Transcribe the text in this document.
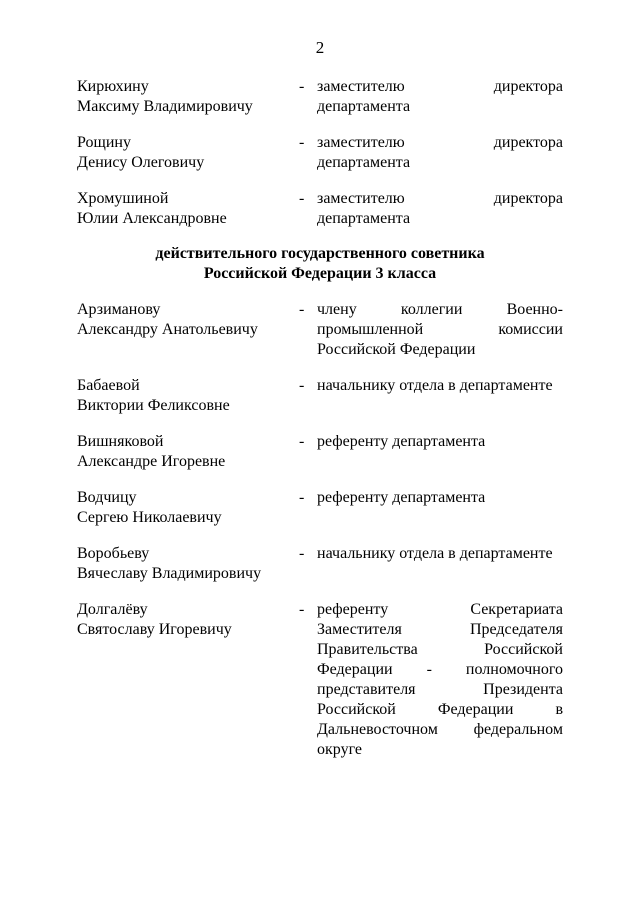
2
Кирюхину
Максиму Владимировичу
- заместителю директора
департамента
Рощину
Денису Олеговичу
- заместителю директора
департамента
Хромушиной
Юлии Александровне
- заместителю директора
департамента
действительного государственного советника
Российской Федерации 3 класса
Арзиманову
Александру Анатольевичу
- члену коллегии Военно-
промышленной комиссии
Российской Федерации
Бабаевой
Виктории Феликсовне
- начальнику отдела в департаменте
Вишняковой
Александре Игоревне
- референту департамента
Водчицу
Сергею Николаевичу
- референту департамента
Воробьеву
Вячеславу Владимировичу
- начальнику отдела в департаменте
Долгалёву
Святославу Игоревичу
- референту Секретариата
Заместителя Председателя
Правительства Российской
Федерации - полномочного
представителя Президента
Российской Федерации в
Дальневосточном федеральном
округе
